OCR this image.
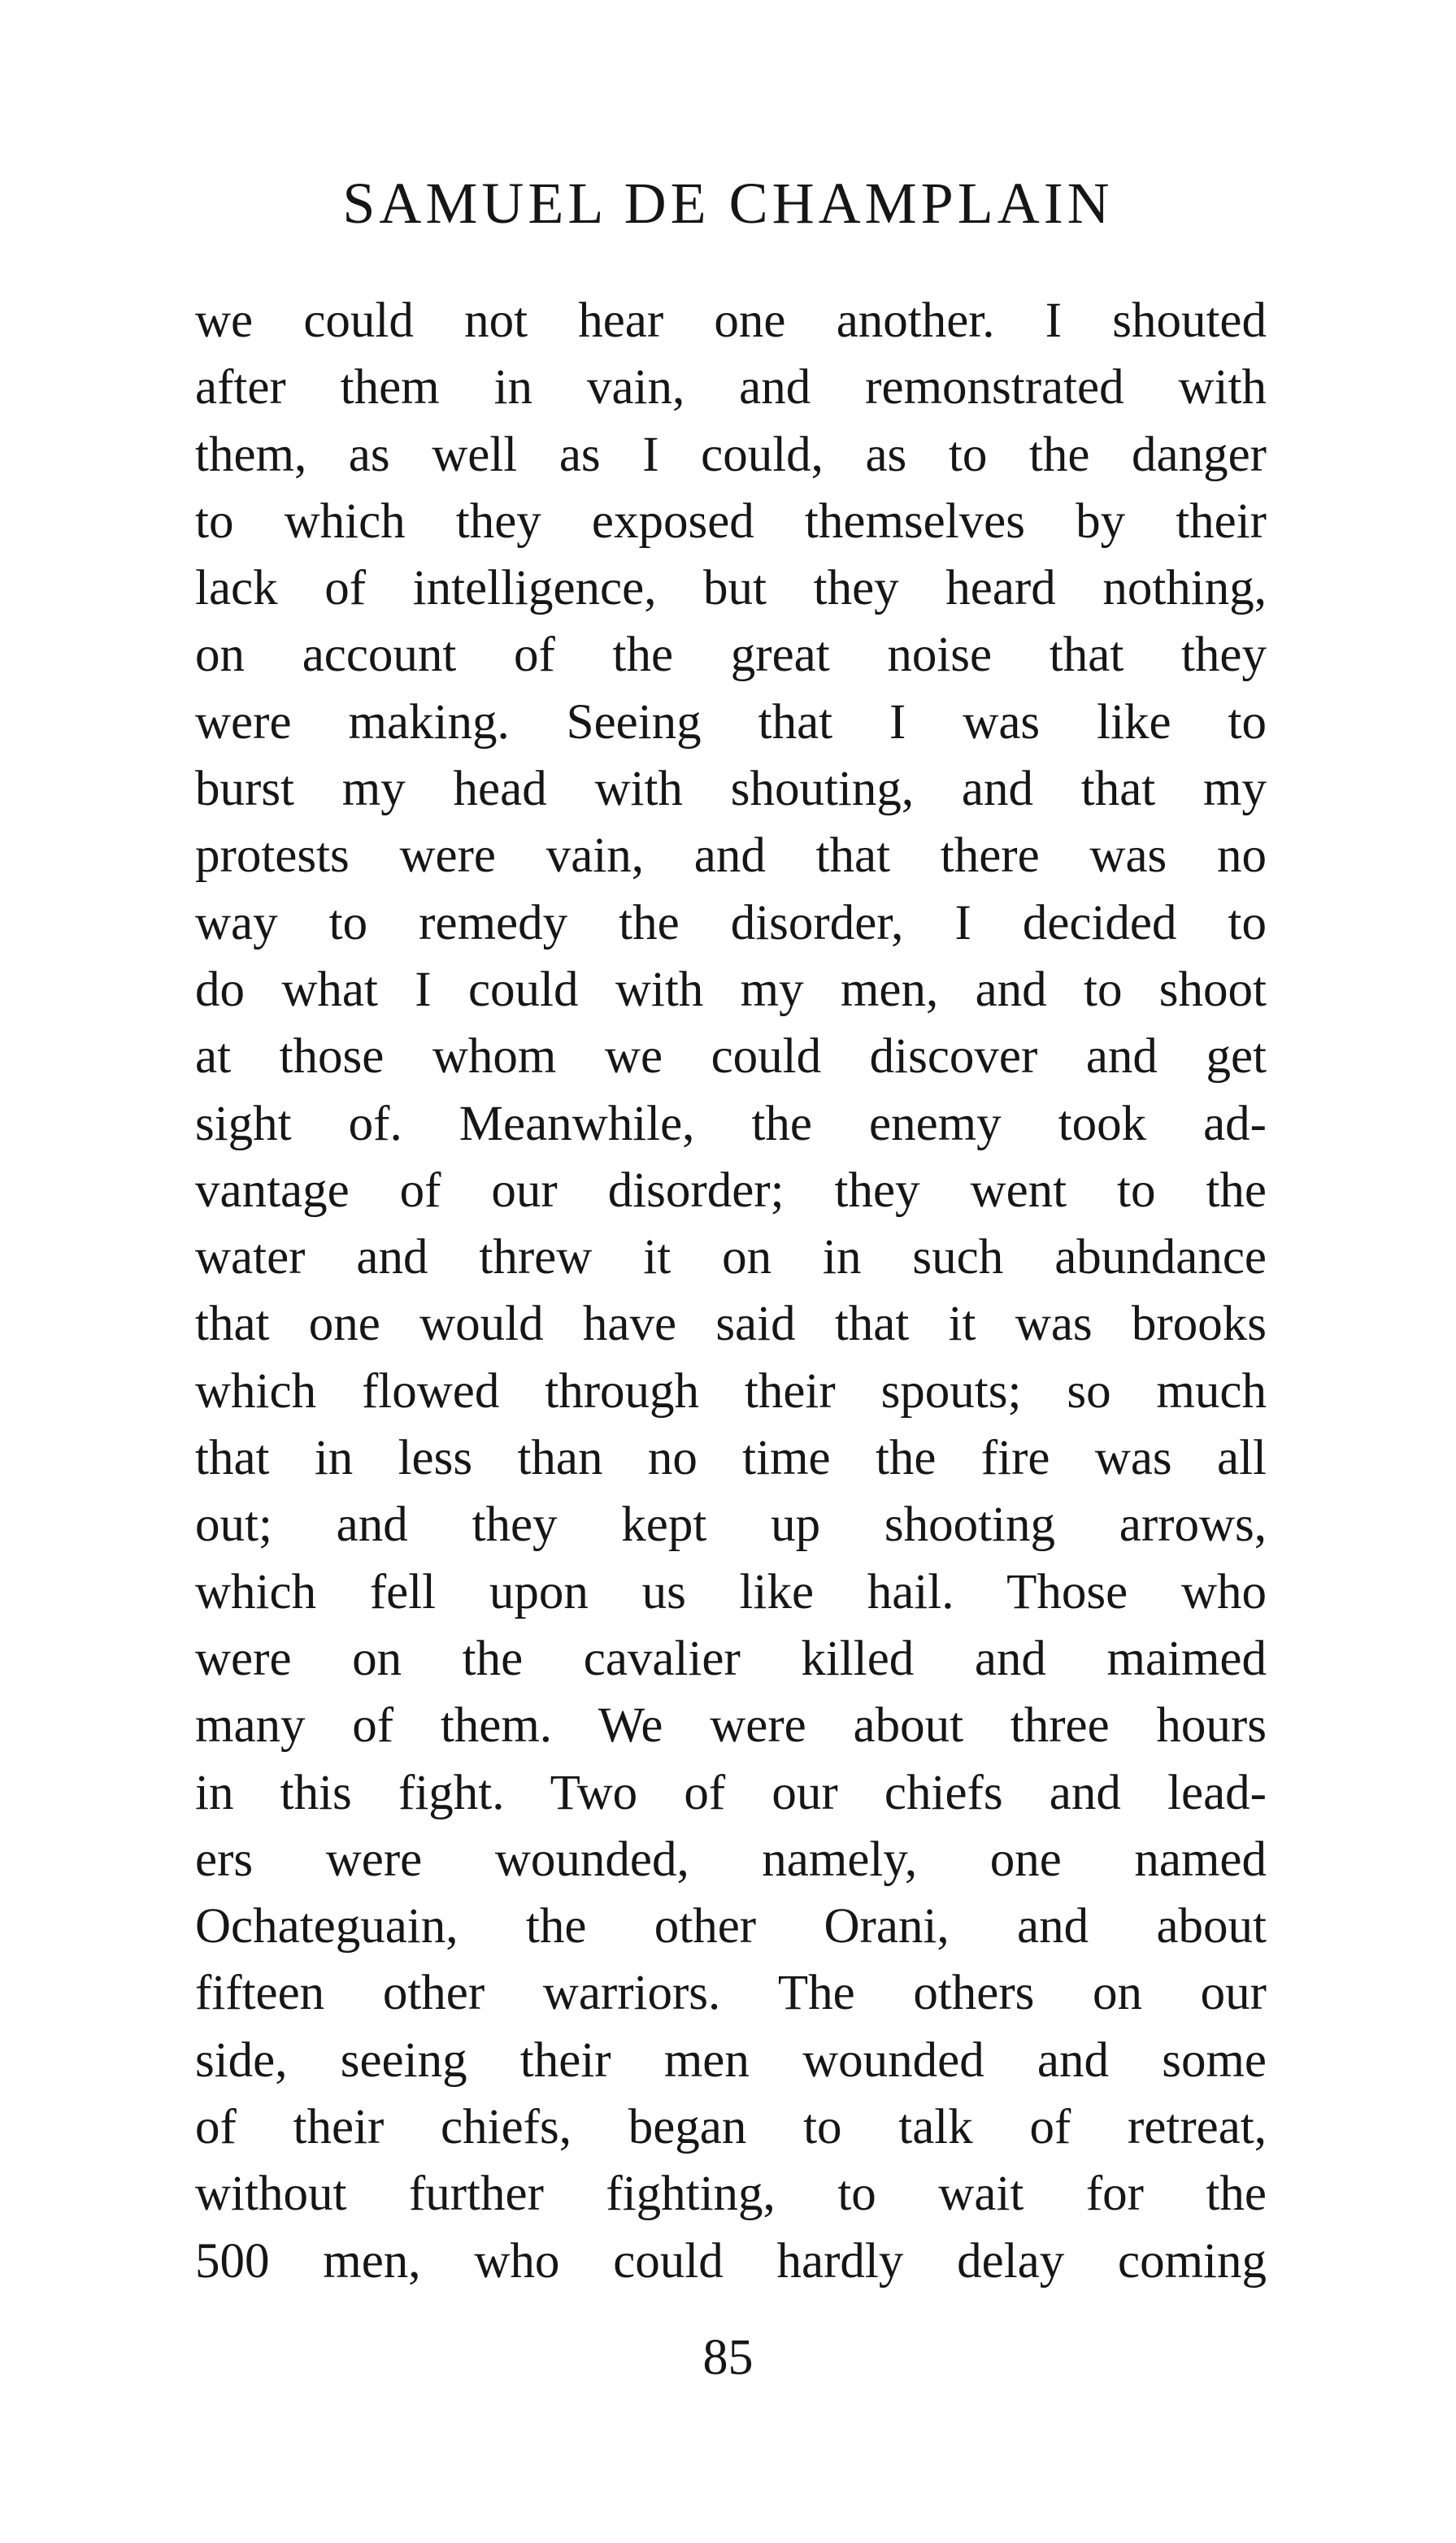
SAMUEL DE CHAMPLAIN
we could not hear one another. I shouted
after them in vain, and remonstrated with
them, as well as I could, as to the danger
to which they exposed themselves by their
lack of intelligence, but they heard nothing,
on account of the great noise that they
were making. Seeing that I was like to
burst my head with shouting, and that my
protests were vain, and that there was no
way to remedy the disorder, I decided to
do what I could with my men, and to shoot
at those whom we could discover and get
sight of. Meanwhile, the enemy took ad-
vantage of our disorder; they went to the
water and threw it on in such abundance
that one would have said that it was brooks
which flowed through their spouts; so much
that in less than no time the fire was all
out; and they kept up shooting arrows,
which fell upon us like hail. Those who
were on the cavalier killed and maimed
many of them. We were about three hours
in this fight. Two of our chiefs and lead-
ers were wounded, namely, one named
Ochateguain, the other Orani, and about
fifteen other warriors. The others on our
side, seeing their men wounded and some
of their chiefs, began to talk of retreat,
without further fighting, to wait for the
500 men, who could hardly delay coming
85
